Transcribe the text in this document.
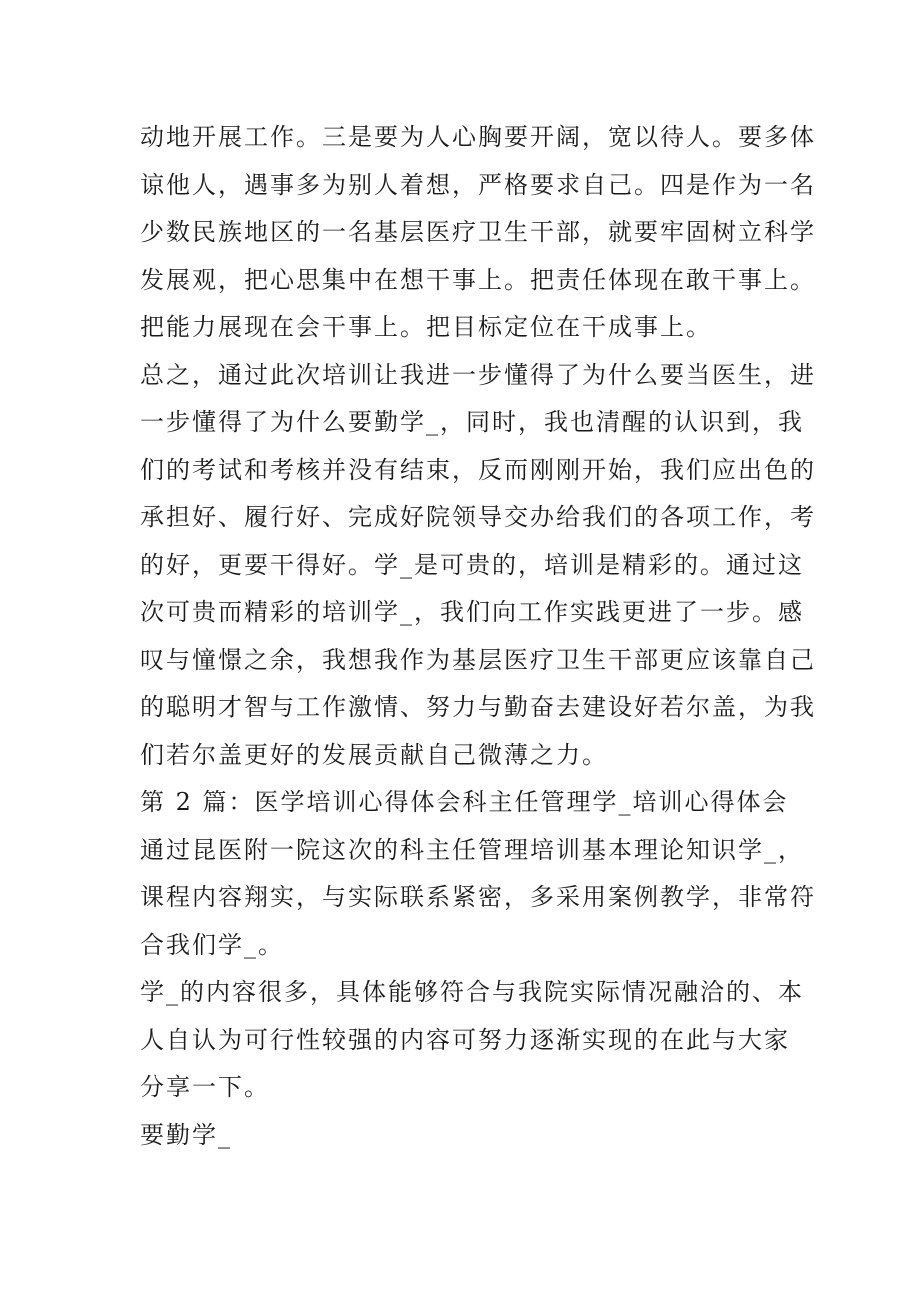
动地开展工作。三是要为人心胸要开阔，宽以待人。要多体
谅他人，遇事多为别人着想，严格要求自己。四是作为一名
少数民族地区的一名基层医疗卫生干部，就要牢固树立科学
发展观，把心思集中在想干事上。把责任体现在敢干事上。
把能力展现在会干事上。把目标定位在干成事上。
总之，通过此次培训让我进一步懂得了为什么要当医生，进
一步懂得了为什么要勤学_，同时，我也清醒的认识到，我
们的考试和考核并没有结束，反而刚刚开始，我们应出色的
承担好、履行好、完成好院领导交办给我们的各项工作，考
的好，更要干得好。学_是可贵的，培训是精彩的。通过这
次可贵而精彩的培训学_，我们向工作实践更进了一步。感
叹与憧憬之余，我想我作为基层医疗卫生干部更应该靠自己
的聪明才智与工作激情、努力与勤奋去建设好若尔盖，为我
们若尔盖更好的发展贡献自己微薄之力。
第 2 篇：医学培训心得体会科主任管理学_培训心得体会
通过昆医附一院这次的科主任管理培训基本理论知识学_，
课程内容翔实，与实际联系紧密，多采用案例教学，非常符
合我们学_。
学_的内容很多，具体能够符合与我院实际情况融洽的、本
人自认为可行性较强的内容可努力逐渐实现的在此与大家
分享一下。
要勤学_
